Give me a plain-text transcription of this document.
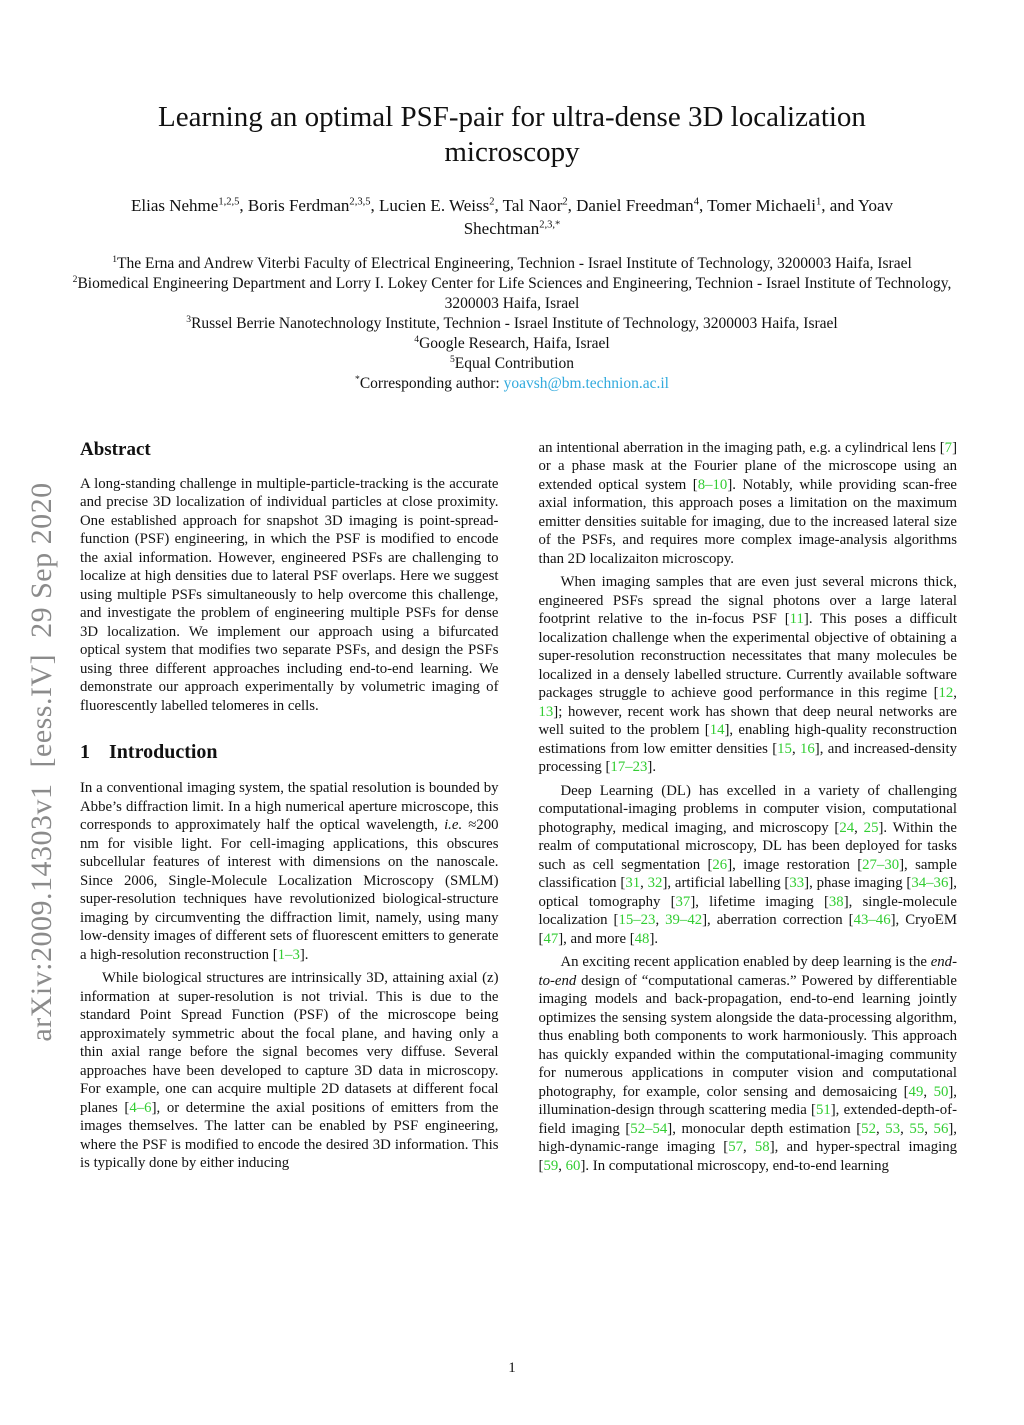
arXiv:2009.14303v1  [eess.IV]  29 Sep 2020
Learning an optimal PSF-pair for ultra-dense 3D localization microscopy
Elias Nehme$^{1,2,5}$, Boris Ferdman$^{2,3,5}$, Lucien E. Weiss$^2$, Tal Naor$^2$, Daniel Freedman$^4$, Tomer Michaeli$^1$, and Yoav Shechtman$^{2,3,*}$
$^1$The Erna and Andrew Viterbi Faculty of Electrical Engineering, Technion - Israel Institute of Technology, 3200003 Haifa, Israel
$^2$Biomedical Engineering Department and Lorry I. Lokey Center for Life Sciences and Engineering, Technion - Israel Institute of Technology, 3200003 Haifa, Israel
$^3$Russel Berrie Nanotechnology Institute, Technion - Israel Institute of Technology, 3200003 Haifa, Israel
$^4$Google Research, Haifa, Israel
$^5$Equal Contribution
*Corresponding author: yoavsh@bm.technion.ac.il
Abstract

A long-standing challenge in multiple-particle-tracking is the accurate and precise 3D localization of individual particles at close proximity. One established approach for snapshot 3D imaging is point-spread-function (PSF) engineering, in which the PSF is modified to encode the axial information. However, engineered PSFs are challenging to localize at high densities due to lateral PSF overlaps. Here we suggest using multiple PSFs simultaneously to help overcome this challenge, and investigate the problem of engineering multiple PSFs for dense 3D localization. We implement our approach using a bifurcated optical system that modifies two separate PSFs, and design the PSFs using three different approaches including end-to-end learning. We demonstrate our approach experimentally by volumetric imaging of fluorescently labelled telomeres in cells.

1 Introduction

In a conventional imaging system, the spatial resolution is bounded by Abbe’s diffraction limit. In a high numerical aperture microscope, this corresponds to approximately half the optical wavelength, i.e. ≈200 nm for visible light. For cell-imaging applications, this obscures subcellular features of interest with dimensions on the nanoscale. Since 2006, Single-Molecule Localization Microscopy (SMLM) super-resolution techniques have revolutionized biological-structure imaging by circumventing the diffraction limit, namely, using many low-density images of different sets of fluorescent emitters to generate a high-resolution reconstruction [1–3].

While biological structures are intrinsically 3D, attaining axial (z) information at super-resolution is not trivial. This is due to the standard Point Spread Function (PSF) of the microscope being approximately symmetric about the focal plane, and having only a thin axial range before the signal becomes very diffuse. Several approaches have been developed to capture 3D data in microscopy. For example, one can acquire multiple 2D datasets at different focal planes [4–6], or determine the axial positions of emitters from the images themselves. The latter can be enabled by PSF engineering, where the PSF is modified to encode the desired 3D information. This is typically done by either inducing

an intentional aberration in the imaging path, e.g. a cylindrical lens [7] or a phase mask at the Fourier plane of the microscope using an extended optical system [8–10]. Notably, while providing scan-free axial information, this approach poses a limitation on the maximum emitter densities suitable for imaging, due to the increased lateral size of the PSFs, and requires more complex image-analysis algorithms than 2D localizaiton microscopy.

When imaging samples that are even just several microns thick, engineered PSFs spread the signal photons over a large lateral footprint relative to the in-focus PSF [11]. This poses a difficult localization challenge when the experimental objective of obtaining a super-resolution reconstruction necessitates that many molecules be localized in a densely labelled structure. Currently available software packages struggle to achieve good performance in this regime [12, 13]; however, recent work has shown that deep neural networks are well suited to the problem [14], enabling high-quality reconstruction estimations from low emitter densities [15, 16], and increased-density processing [17–23].

Deep Learning (DL) has excelled in a variety of challenging computational-imaging problems in computer vision, computational photography, medical imaging, and microscopy [24, 25]. Within the realm of computational microscopy, DL has been deployed for tasks such as cell segmentation [26], image restoration [27–30], sample classification [31, 32], artificial labelling [33], phase imaging [34–36], optical tomography [37], lifetime imaging [38], single-molecule localization [15–23, 39–42], aberration correction [43–46], CryoEM [47], and more [48].

An exciting recent application enabled by deep learning is the end-to-end design of “computational cameras.” Powered by differentiable imaging models and back-propagation, end-to-end learning jointly optimizes the sensing system alongside the data-processing algorithm, thus enabling both components to work harmoniously. This approach has quickly expanded within the computational-imaging community for numerous applications in computer vision and computational photography, for example, color sensing and demosaicing [49, 50], illumination-design through scattering media [51], extended-depth-of-field imaging [52–54], monocular depth estimation [52, 53, 55, 56], high-dynamic-range imaging [57, 58], and hyper-spectral imaging [59, 60]. In computational microscopy, end-to-end learning

1
